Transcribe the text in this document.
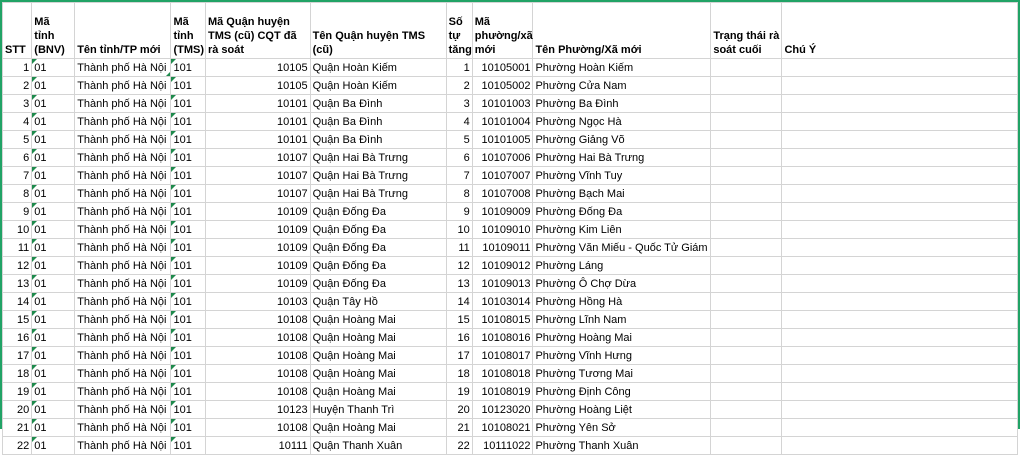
STT	Mã tỉnh (BNV)	Tên tỉnh/TP mới	Mã tỉnh (TMS)	Mã Quận huyện TMS (cũ) CQT đã rà soát	Tên Quận huyện TMS (cũ)	Số tự tăng	Mã phường/xã mới	Tên Phường/Xã mới	Trạng thái rà soát cuối	Chú Ý
1	01	Thành phố Hà Nội	101	10105	Quận Hoàn Kiếm	1	10105001	Phường Hoàn Kiếm		
2	01	Thành phố Hà Nội	101	10105	Quận Hoàn Kiếm	2	10105002	Phường Cửa Nam		
3	01	Thành phố Hà Nội	101	10101	Quận Ba Đình	3	10101003	Phường Ba Đình		
4	01	Thành phố Hà Nội	101	10101	Quận Ba Đình	4	10101004	Phường Ngọc Hà		
5	01	Thành phố Hà Nội	101	10101	Quận Ba Đình	5	10101005	Phường Giảng Võ		
6	01	Thành phố Hà Nội	101	10107	Quận Hai Bà Trưng	6	10107006	Phường Hai Bà Trưng		
7	01	Thành phố Hà Nội	101	10107	Quận Hai Bà Trưng	7	10107007	Phường Vĩnh Tuy		
8	01	Thành phố Hà Nội	101	10107	Quận Hai Bà Trưng	8	10107008	Phường Bạch Mai		
9	01	Thành phố Hà Nội	101	10109	Quận Đống Đa	9	10109009	Phường Đống Đa		
10	01	Thành phố Hà Nội	101	10109	Quận Đống Đa	10	10109010	Phường Kim Liên		
11	01	Thành phố Hà Nội	101	10109	Quận Đống Đa	11	10109011	Phường Văn Miếu - Quốc Tử Giám		
12	01	Thành phố Hà Nội	101	10109	Quận Đống Đa	12	10109012	Phường Láng		
13	01	Thành phố Hà Nội	101	10109	Quận Đống Đa	13	10109013	Phường Ô Chợ Dừa		
14	01	Thành phố Hà Nội	101	10103	Quận Tây Hồ	14	10103014	Phường Hồng Hà		
15	01	Thành phố Hà Nội	101	10108	Quận Hoàng Mai	15	10108015	Phường Lĩnh Nam		
16	01	Thành phố Hà Nội	101	10108	Quận Hoàng Mai	16	10108016	Phường Hoàng Mai		
17	01	Thành phố Hà Nội	101	10108	Quận Hoàng Mai	17	10108017	Phường Vĩnh Hưng		
18	01	Thành phố Hà Nội	101	10108	Quận Hoàng Mai	18	10108018	Phường Tương Mai		
19	01	Thành phố Hà Nội	101	10108	Quận Hoàng Mai	19	10108019	Phường Định Công		
20	01	Thành phố Hà Nội	101	10123	Huyện Thanh Trì	20	10123020	Phường Hoàng Liệt		
21	01	Thành phố Hà Nội	101	10108	Quận Hoàng Mai	21	10108021	Phường Yên Sở		
22	01	Thành phố Hà Nội	101	10111	Quận Thanh Xuân	22	10111022	Phường Thanh Xuân		
